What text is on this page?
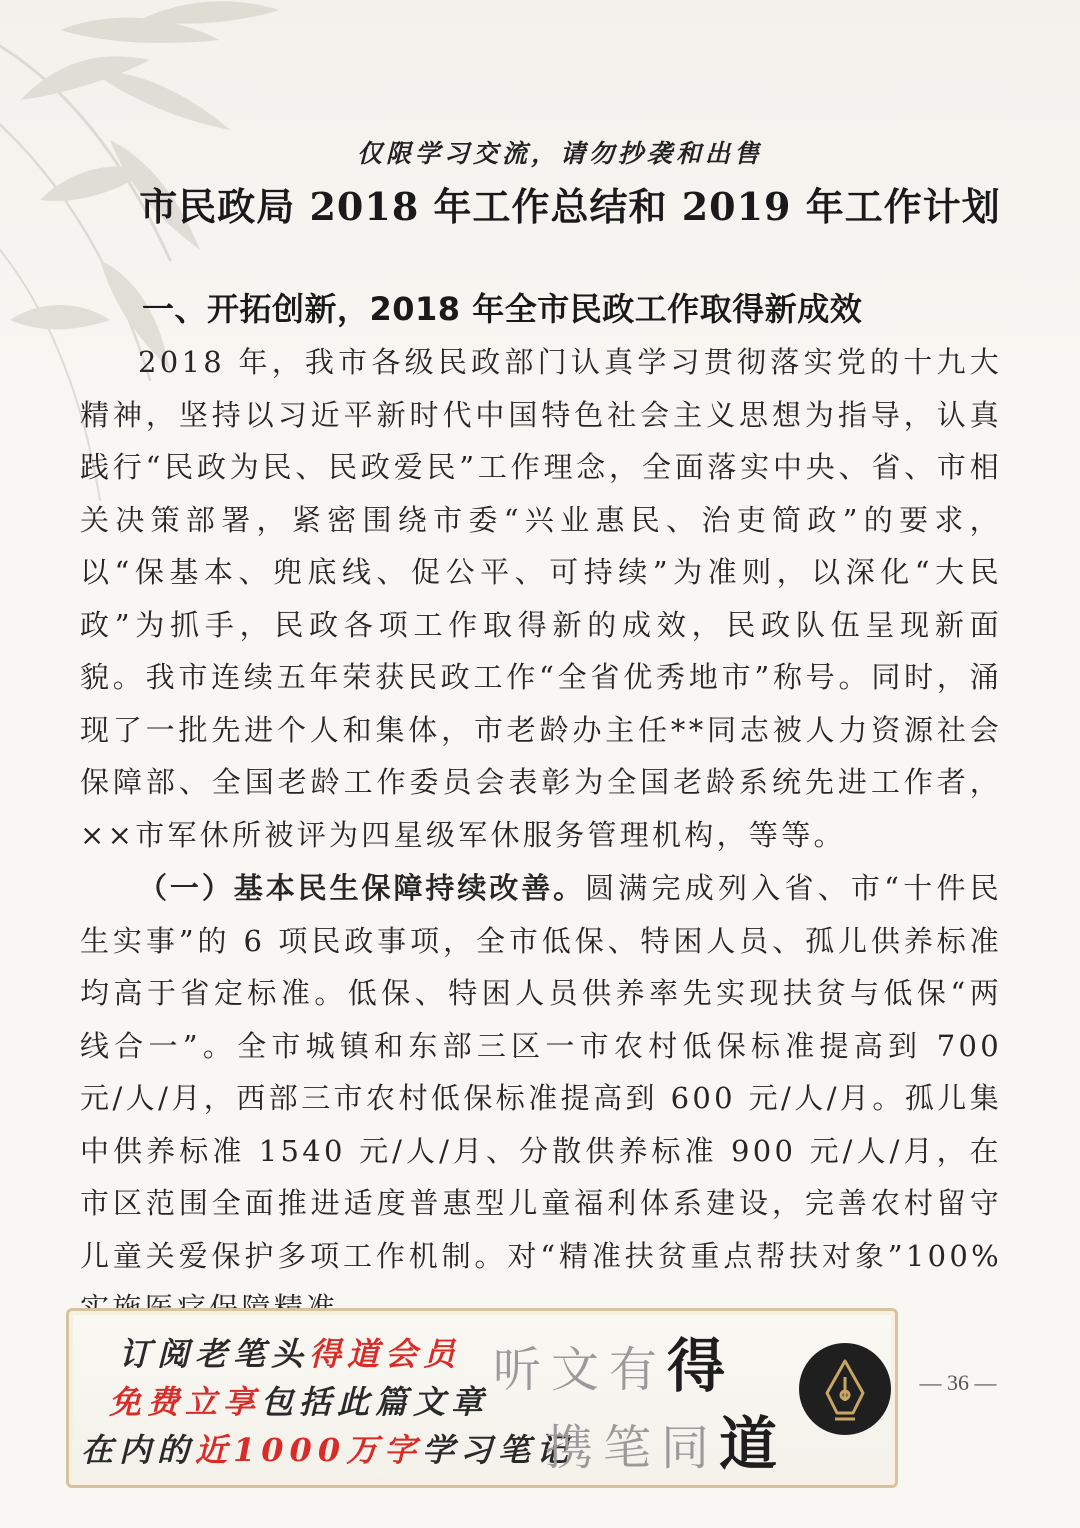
仅限学习交流，请勿抄袭和出售
市民政局 2018 年工作总结和 2019 年工作计划
一、开拓创新，2018 年全市民政工作取得新成效
2018 年，我市各级民政部门认真学习贯彻落实党的十九大精神，坚持以习近平新时代中国特色社会主义思想为指导，认真践行“民政为民、民政爱民”工作理念，全面落实中央、省、市相关决策部署，紧密围绕市委“兴业惠民、治吏简政”的要求，以“保基本、兜底线、促公平、可持续”为准则，以深化“大民政”为抓手，民政各项工作取得新的成效，民政队伍呈现新面貌。我市连续五年荣获民政工作“全省优秀地市”称号。同时，涌现了一批先进个人和集体，市老龄办主任**同志被人力资源社会保障部、全国老龄工作委员会表彰为全国老龄系统先进工作者，××市军休所被评为四星级军休服务管理机构，等等。
（一）基本民生保障持续改善。圆满完成列入省、市“十件民生实事”的 6 项民政事项，全市低保、特困人员、孤儿供养标准均高于省定标准。低保、特困人员供养率先实现扶贫与低保“两线合一”。全市城镇和东部三区一市农村低保标准提高到 700 元/人/月，西部三市农村低保标准提高到 600 元/人/月。孤儿集中供养标准 1540 元/人/月、分散供养标准 900 元/人/月，在市区范围全面推进适度普惠型儿童福利体系建设，完善农村留守儿童关爱保护多项工作机制。对“精准扶贫重点帮扶对象”100%
订阅老笔头得道会员
免费立享包括此篇文章
在内的近1000万字学习笔记
听文有得
携笔同道
— 36 —
